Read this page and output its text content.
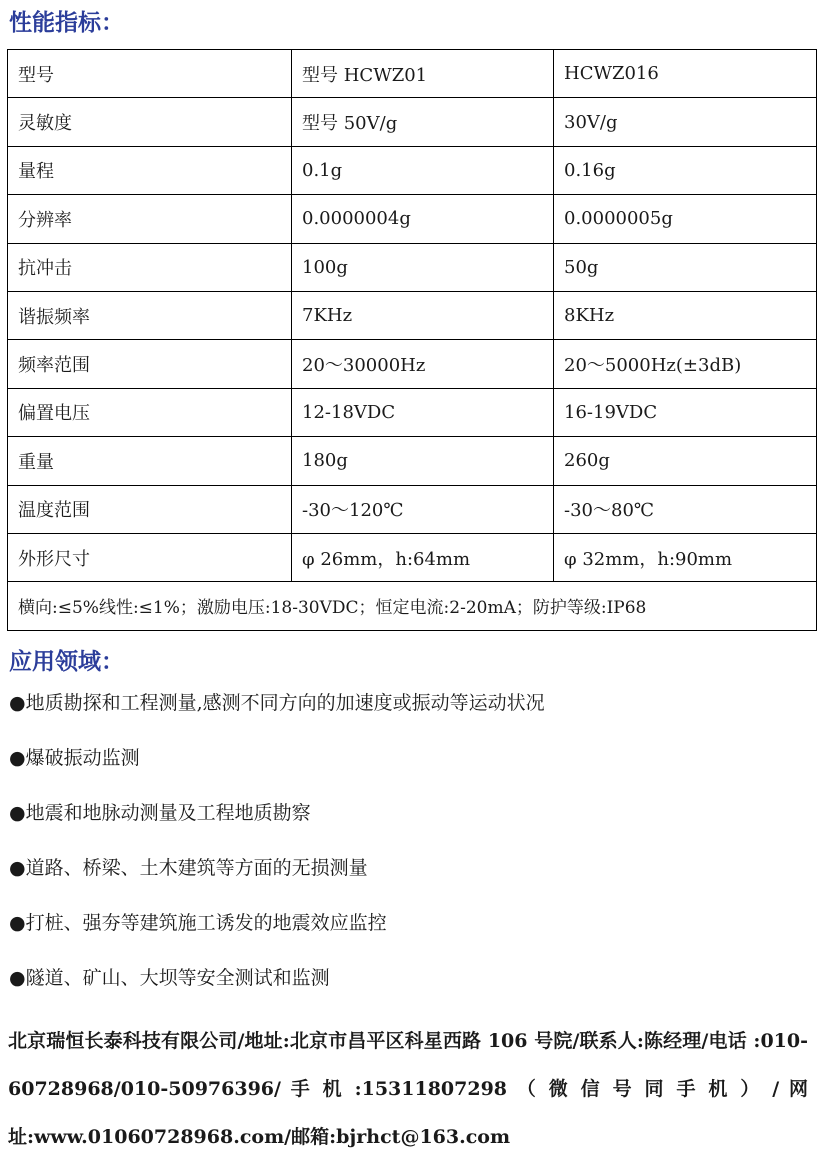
性能指标：
型号	型号 HCWZ01	HCWZ016
灵敏度	型号 50V/g	30V/g
量程	0.1g	0.16g
分辨率	0.0000004g	0.0000005g
抗冲击	100g	50g
谐振频率	7KHz	8KHz
频率范围	20～30000Hz	20～5000Hz(±3dB)
偏置电压	12-18VDC	16-19VDC
重量	180g	260g
温度范围	-30～120℃	-30～80℃
外形尺寸	φ 26mm，h:64mm	φ 32mm，h:90mm
横向:≤5%线性:≤1%；激励电压:18-30VDC；恒定电流:2-20mA；防护等级:IP68		
应用领域：
●地质勘探和工程测量,感测不同方向的加速度或振动等运动状况
●爆破振动监测
●地震和地脉动测量及工程地质勘察
●道路、桥梁、土木建筑等方面的无损测量
●打桩、强夯等建筑施工诱发的地震效应监控
●隧道、矿山、大坝等安全测试和监测
北京瑞恒长泰科技有限公司/地址:北京市昌平区科星西路 106 号院/联系人:陈经理/电话 :010-60728968/010-50976396/ 手 机 :15311807298 （ 微 信 号 同 手 机 ） / 网址:www.01060728968.com/邮箱:bjrhct@163.com
